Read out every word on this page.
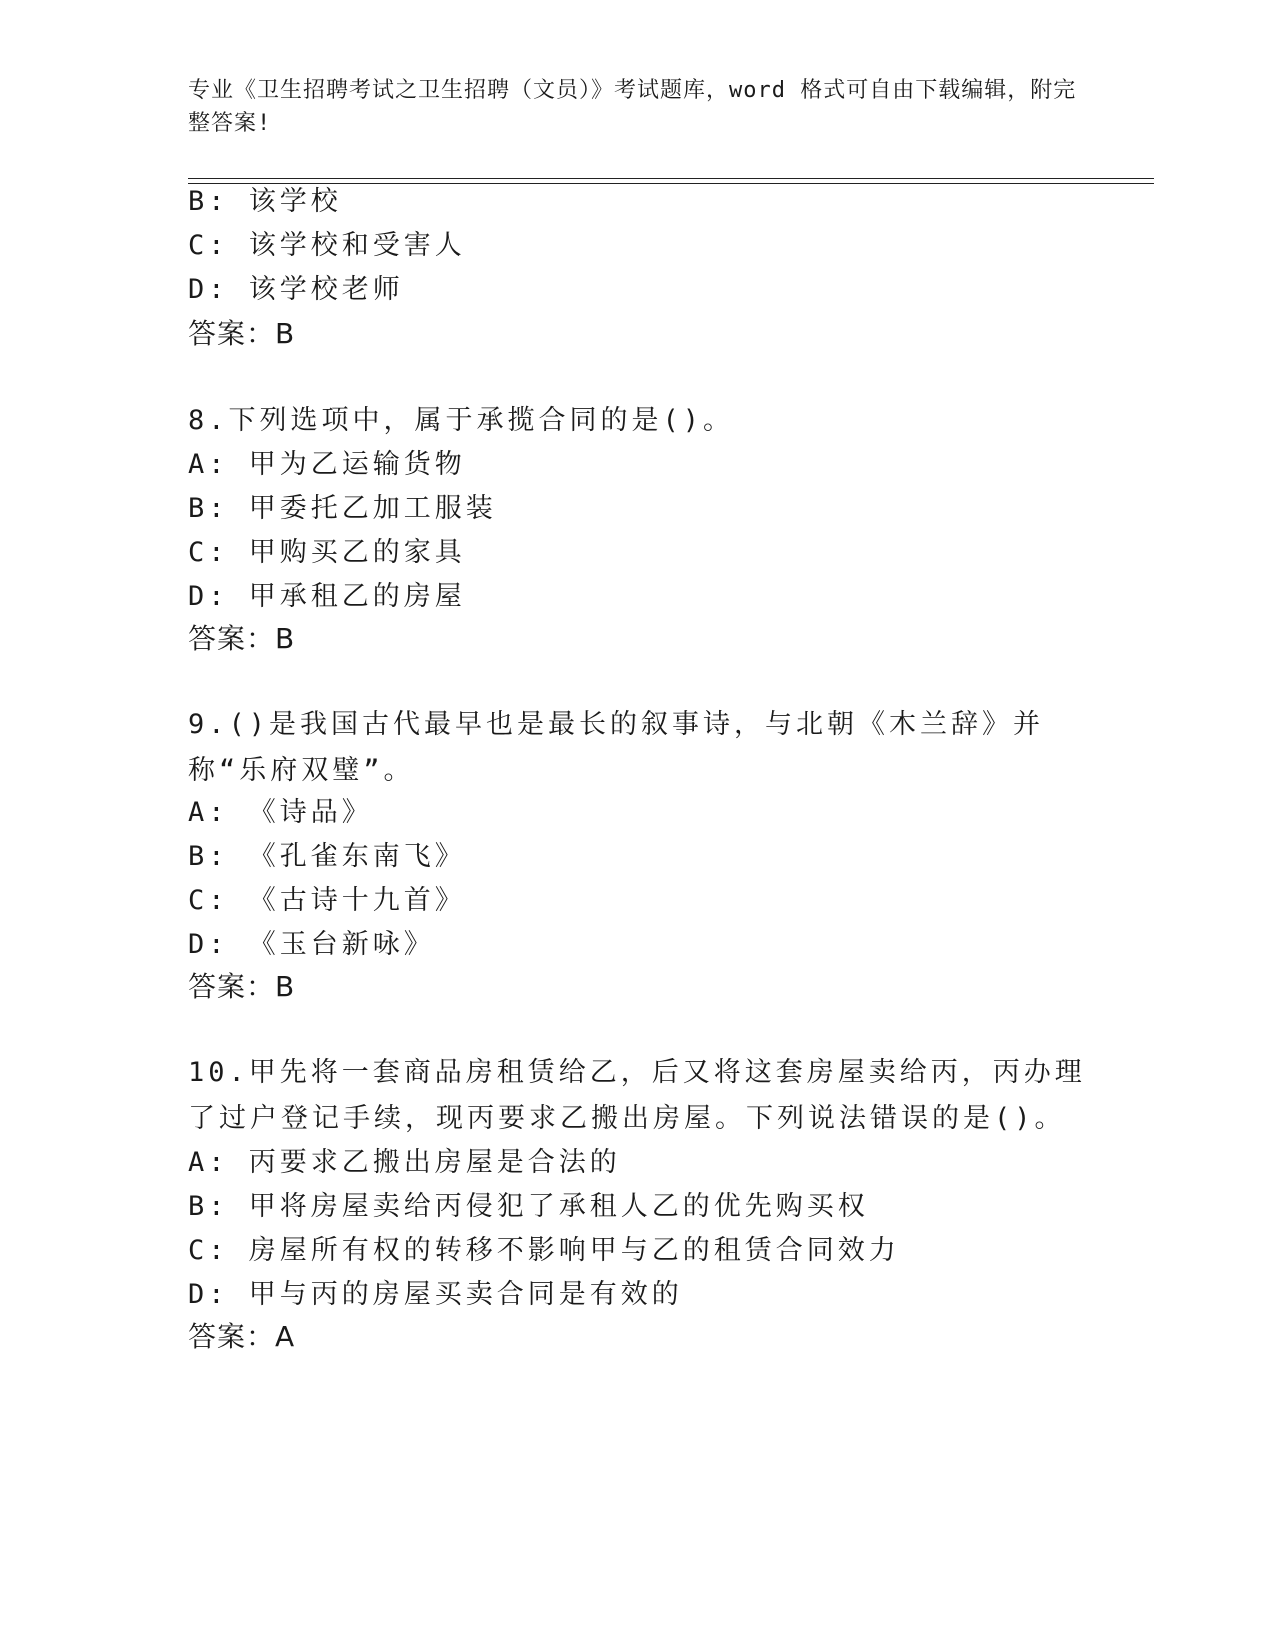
专业《卫生招聘考试之卫生招聘（文员）》考试题库，word 格式可自由下载编辑，附完整答案!
B: 该学校
C: 该学校和受害人
D: 该学校老师
答案：B
8.下列选项中，属于承揽合同的是()。
A: 甲为乙运输货物
B: 甲委托乙加工服装
C: 甲购买乙的家具
D: 甲承租乙的房屋
答案：B
9.()是我国古代最早也是最长的叙事诗，与北朝《木兰辞》并称“乐府双璧”。
A: 《诗品》
B: 《孔雀东南飞》
C: 《古诗十九首》
D: 《玉台新咏》
答案：B
10.甲先将一套商品房租赁给乙，后又将这套房屋卖给丙，丙办理了过户登记手续，现丙要求乙搬出房屋。下列说法错误的是()。
A: 丙要求乙搬出房屋是合法的
B: 甲将房屋卖给丙侵犯了承租人乙的优先购买权
C: 房屋所有权的转移不影响甲与乙的租赁合同效力
D: 甲与丙的房屋买卖合同是有效的
答案：A
